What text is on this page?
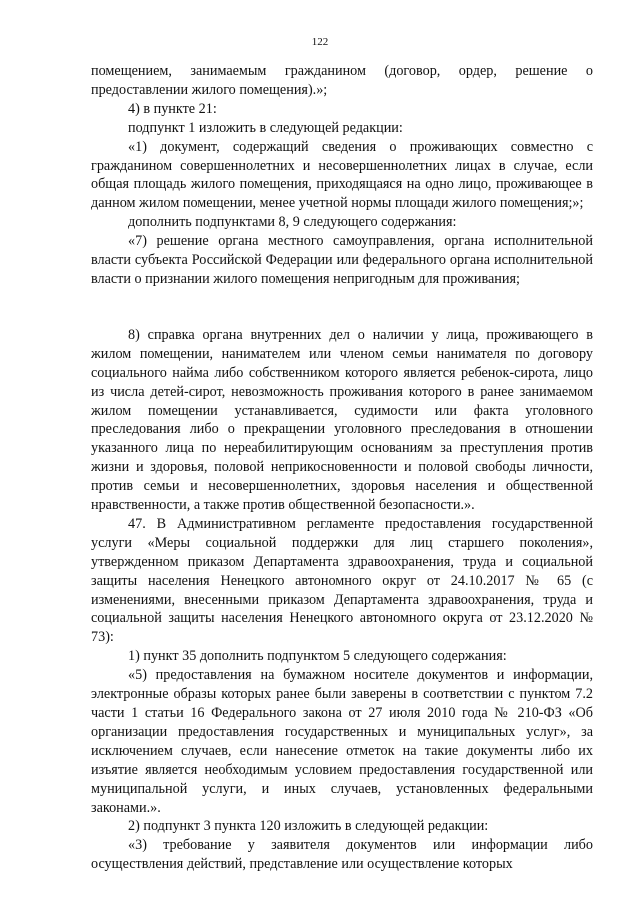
122

помещением, занимаемым гражданином (договор, ордер, решение о предоставлении жилого помещения).»;

4) в пункте 21:

подпункт 1 изложить в следующей редакции:

«1) документ, содержащий сведения о проживающих совместно с гражданином совершеннолетних и несовершеннолетних лицах в случае, если общая площадь жилого помещения, приходящаяся на одно лицо, проживающее в данном жилом помещении, менее учетной нормы площади жилого помещения;»;

дополнить подпунктами 8, 9 следующего содержания:

«7) решение органа местного самоуправления, органа исполнительной власти субъекта Российской Федерации или федерального органа исполнительной власти о признании жилого помещения непригодным для проживания;

8) справка органа внутренних дел о наличии у лица, проживающего в жилом помещении, нанимателем или членом семьи нанимателя по договору социального найма либо собственником которого является ребенок-сирота, лицо из числа детей-сирот, невозможность проживания которого в ранее занимаемом жилом помещении устанавливается, судимости или факта уголовного преследования либо о прекращении уголовного преследования в отношении указанного лица по нереабилитирующим основаниям за преступления против жизни и здоровья, половой неприкосновенности и половой свободы личности, против семьи и несовершеннолетних, здоровья населения и общественной нравственности, а также против общественной безопасности.».

47. В Административном регламенте предоставления государственной услуги «Меры социальной поддержки для лиц старшего поколения», утвержденном приказом Департамента здравоохранения, труда и социальной защиты населения Ненецкого автономного округ от 24.10.2017 № 65 (с изменениями, внесенными приказом Департамента здравоохранения, труда и социальной защиты населения Ненецкого автономного округа от 23.12.2020 № 73):

1) пункт 35 дополнить подпунктом 5 следующего содержания:

«5) предоставления на бумажном носителе документов и информации, электронные образы которых ранее были заверены в соответствии с пунктом 7.2 части 1 статьи 16 Федерального закона от 27 июля 2010 года № 210-ФЗ «Об организации предоставления государственных и муниципальных услуг», за исключением случаев, если нанесение отметок на такие документы либо их изъятие является необходимым условием предоставления государственной или муниципальной услуги, и иных случаев, установленных федеральными законами.».

2) подпункт 3 пункта 120 изложить в следующей редакции:

«3) требование у заявителя документов или информации либо осуществления действий, представление или осуществление которых
